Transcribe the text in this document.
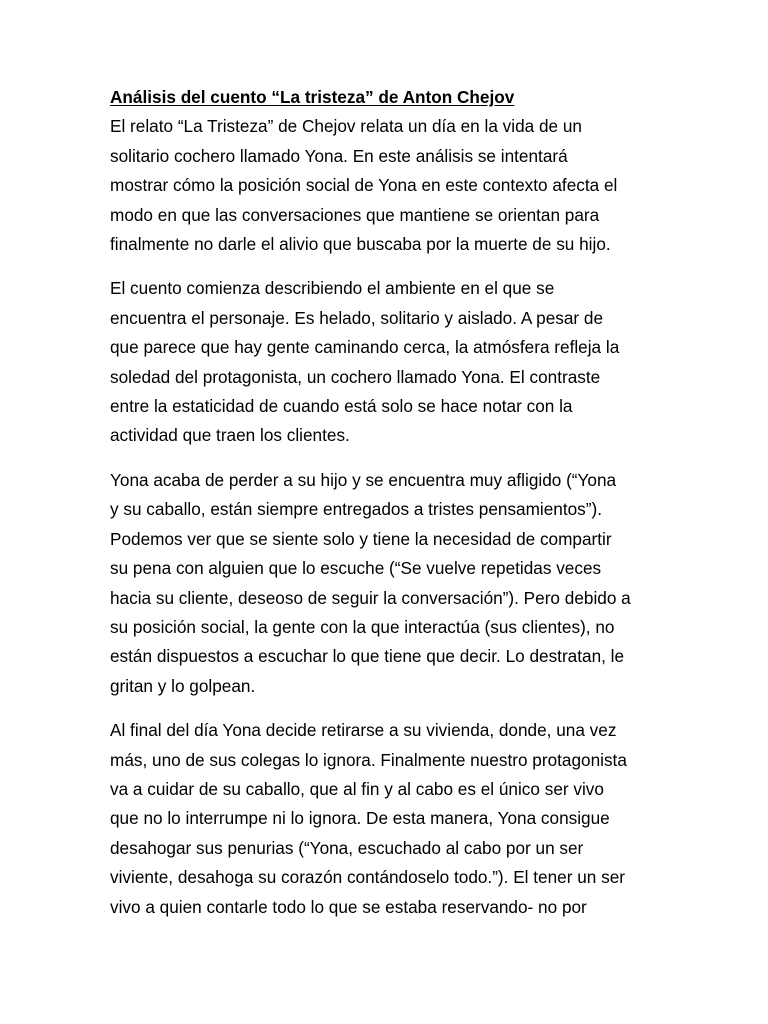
Análisis del cuento “La tristeza” de Anton Chejov
El relato “La Tristeza” de Chejov relata un día en la vida de un
solitario cochero llamado Yona. En este análisis se intentará
mostrar cómo la posición social de Yona en este contexto afecta el
modo en que las conversaciones que mantiene se orientan para
finalmente no darle el alivio que buscaba por la muerte de su hijo.
El cuento comienza describiendo el ambiente en el que se
encuentra el personaje. Es helado, solitario y aislado. A pesar de
que parece que hay gente caminando cerca, la atmósfera refleja la
soledad del protagonista, un cochero llamado Yona. El contraste
entre la estaticidad de cuando está solo se hace notar con la
actividad que traen los clientes.
Yona acaba de perder a su hijo y se encuentra muy afligido (“Yona
y su caballo, están siempre entregados a tristes pensamientos”).
Podemos ver que se siente solo y tiene la necesidad de compartir
su pena con alguien que lo escuche (“Se vuelve repetidas veces
hacia su cliente, deseoso de seguir la conversación”). Pero debido a
su posición social, la gente con la que interactúa (sus clientes), no
están dispuestos a escuchar lo que tiene que decir. Lo destratan, le
gritan y lo golpean.
Al final del día Yona decide retirarse a su vivienda, donde, una vez
más, uno de sus colegas lo ignora. Finalmente nuestro protagonista
va a cuidar de su caballo, que al fin y al cabo es el único ser vivo
que no lo interrumpe ni lo ignora. De esta manera, Yona consigue
desahogar sus penurias (“Yona, escuchado al cabo por un ser
viviente, desahoga su corazón contándoselo todo.”). El tener un ser
vivo a quien contarle todo lo que se estaba reservando- no por
